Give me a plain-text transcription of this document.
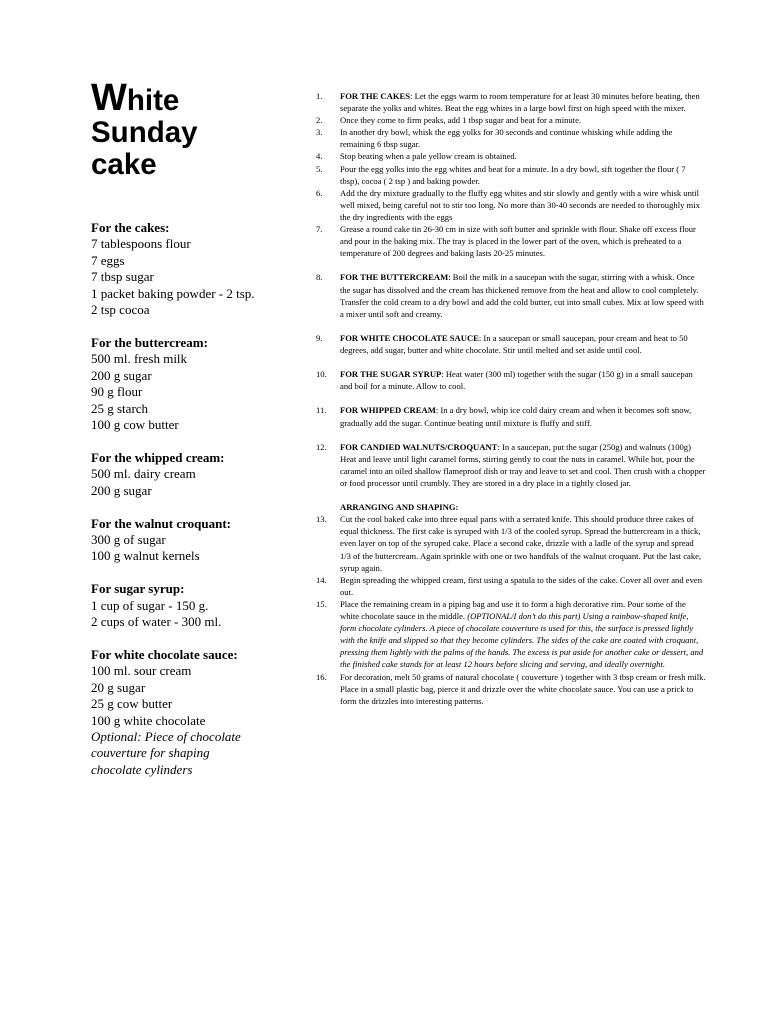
White
Sunday
cake

For the cakes:

7 tablespoons flour

7 eggs

7 tbsp sugar

1 packet baking powder - 2 tsp.

2 tsp cocoa

For the buttercream:

500 ml. fresh milk

200 g sugar

90 g flour

25 g starch

100 g cow butter

For the whipped cream:

500 ml. dairy cream

200 g sugar

For the walnut croquant:

300 g of sugar

100 g walnut kernels

For sugar syrup:

1 cup of sugar - 150 g.

2 cups of water - 300 ml.

For white chocolate sauce:

100 ml. sour cream

20 g sugar

25 g cow butter

100 g white chocolate

Optional: Piece of chocolate

couverture for shaping

chocolate cylinders

1. FOR THE CAKES: Let the eggs warm to room temperature for at least 30 minutes before beating, then separate the yolks and whites. Beat the egg whites in a large bowl first on high speed with the mixer.
2. Once they come to firm peaks, add 1 tbsp sugar and beat for a minute.
3. In another dry bowl, whisk the egg yolks for 30 seconds and continue whisking while adding the remaining 6 tbsp sugar.
4. Stop beating when a pale yellow cream is obtained.
5. Pour the egg yolks into the egg whites and beat for a minute. In a dry bowl, sift together the flour ( 7 tbsp), cocoa ( 2 tsp ) and baking powder.
6. Add the dry mixture gradually to the fluffy egg whites and stir slowly and gently with a wire whisk until well mixed, being careful not to stir too long. No more than 30-40 seconds are needed to thoroughly mix the dry ingredients with the eggs
7. Grease a round cake tin 26-30 cm in size with soft butter and sprinkle with flour. Shake off excess flour and pour in the baking mix. The tray is placed in the lower part of the oven, which is preheated to a temperature of 200 degrees and baking lasts 20-25 minutes.
8. FOR THE BUTTERCREAM: Boil the milk in a saucepan with the sugar, stirring with a whisk. Once the sugar has dissolved and the cream has thickened remove from the heat and allow to cool completely. Transfer the cold cream to a dry bowl and add the cold butter, cut into small cubes. Mix at low speed with a mixer until soft and creamy.
9. FOR WHITE CHOCOLATE SAUCE: In a saucepan or small saucepan, pour cream and heat to 50 degrees, add sugar, butter and white chocolate. Stir until melted and set aside until cool.
10. FOR THE SUGAR SYRUP: Heat water (300 ml) together with the sugar (150 g) in a small saucepan and boil for a minute. Allow to cool.
11. FOR WHIPPED CREAM: In a dry bowl, whip ice cold dairy cream and when it becomes soft snow, gradually add the sugar. Continue beating until mixture is fluffy and stiff.
12. FOR CANDIED WALNUTS/CROQUANT: In a saucepan, put the sugar (250g) and walnuts (100g) Heat and leave until light caramel forms, stirring gently to coat the nuts in caramel. While hot, pour the caramel into an oiled shallow flameproof dish or tray and leave to set and cool. Then crush with a chopper or food processor until crumbly. They are stored in a dry place in a tightly closed jar.
ARRANGING AND SHAPING:
13. Cut the cool baked cake into three equal parts with a serrated knife. This should produce three cakes of equal thickness. The first cake is syruped with 1/3 of the cooled syrup. Spread the buttercream in a thick, even layer on top of the syruped cake. Place a second cake, drizzle with a ladle of the syrup and spread 1/3 of the buttercream. Again sprinkle with one or two handfuls of the walnut croquant. Put the last cake, syrup again.
14. Begin spreading the whipped cream, first using a spatula to the sides of the cake. Cover all over and even out.
15. Place the remaining cream in a piping bag and use it to form a high decorative rim. Pour some of the white chocolate sauce in the middle. (OPTIONAL/I don’t do this part) Using a rainbow-shaped knife, form chocolate cylinders. A piece of chocolate couverture is used for this, the surface is pressed lightly with the knife and slipped so that they become cylinders. The sides of the cake are coated with croquant, pressing them lightly with the palms of the hands. The excess is put aside for another cake or dessert, and the finished cake stands for at least 12 hours before slicing and serving, and ideally overnight.
16. For decoration, melt 50 grams of natural chocolate ( couverture ) together with 3 tbsp cream or fresh milk. Place in a small plastic bag, pierce it and drizzle over the white chocolate sauce. You can use a prick to form the drizzles into interesting patterns.
